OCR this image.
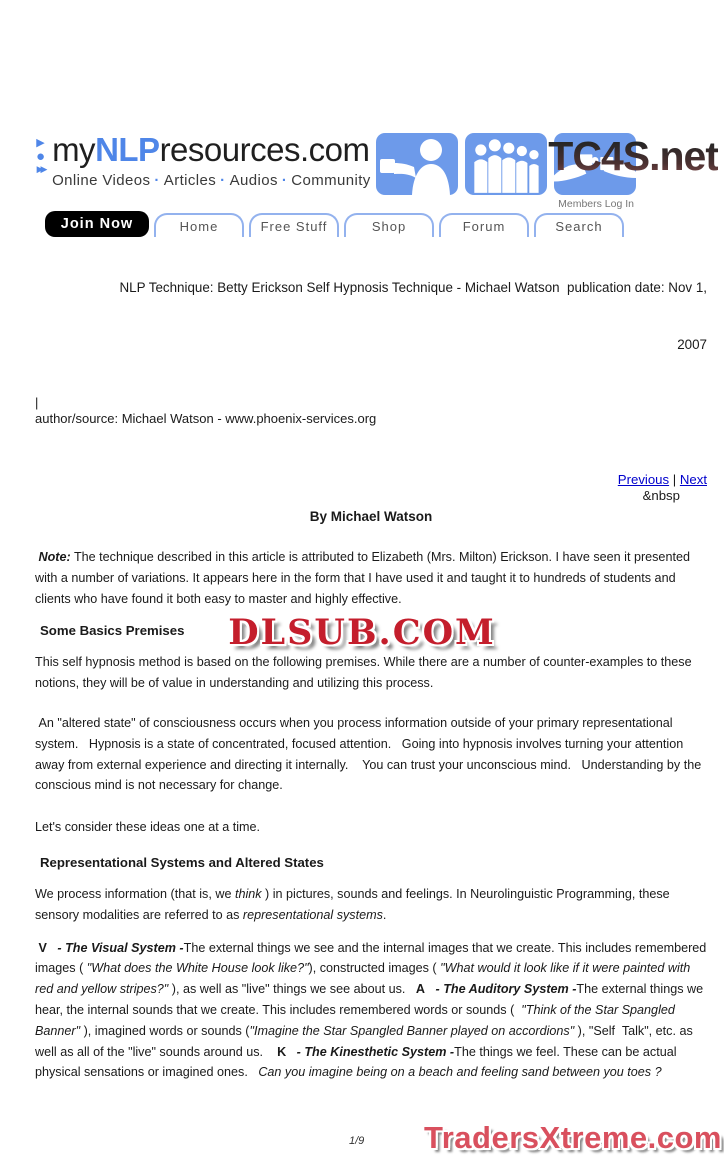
TC4S.net
▶
●
▶▶
myNLPresources.com
Online Videos · Articles · Audios · Community
Members Log In
Join Now	Home	Free Stuff	Shop	Forum	Search

NLP Technique: Betty Erickson Self Hypnosis Technique - Michael Watson  publication date: Nov 1,

2007

|
author/source: Michael Watson - www.phoenix-services.org
Previous | Next
&nbsp
By Michael Watson

Note: The technique described in this article is attributed to Elizabeth (Mrs. Milton) Erickson. I have seen it presented with a number of variations. It appears here in the form that I have used it and taught it to hundreds of students and clients who have found it both easy to master and highly effective.

Some Basics Premises

This self hypnosis method is based on the following premises. While there are a number of counter-examples to these notions, they will be of value in understanding and utilizing this process.

An "altered state" of consciousness occurs when you process information outside of your primary representational system.   Hypnosis is a state of concentrated, focused attention.   Going into hypnosis involves turning your attention away from external experience and directing it internally.    You can trust your unconscious mind.   Understanding by the conscious mind is not necessary for change.

Let's consider these ideas one at a time.

Representational Systems and Altered States

We process information (that is, we think ) in pictures, sounds and feelings. In Neurolinguistic Programming, these sensory modalities are referred to as representational systems.

V - The Visual System -The external things we see and the internal images that we create. This includes remembered images ( "What does the White House look like?"), constructed images ( "What would it look like if it were painted with red and yellow stripes?" ), as well as "live" things we see about us.   A - The Auditory System -The external things we hear, the internal sounds that we create. This includes remembered words or sounds (  "Think of the Star Spangled Banner" ), imagined words or sounds ("Imagine the Star Spangled Banner played on accordions" ), "Self  Talk", etc. as well as all of the "live" sounds around us.    K - The Kinesthetic System -The things we feel. These can be actual physical sensations or imagined ones.   Can you imagine being on a beach and feeling sand between you toes ?

DLSUB.COM
1/9 TradersXtreme.com
